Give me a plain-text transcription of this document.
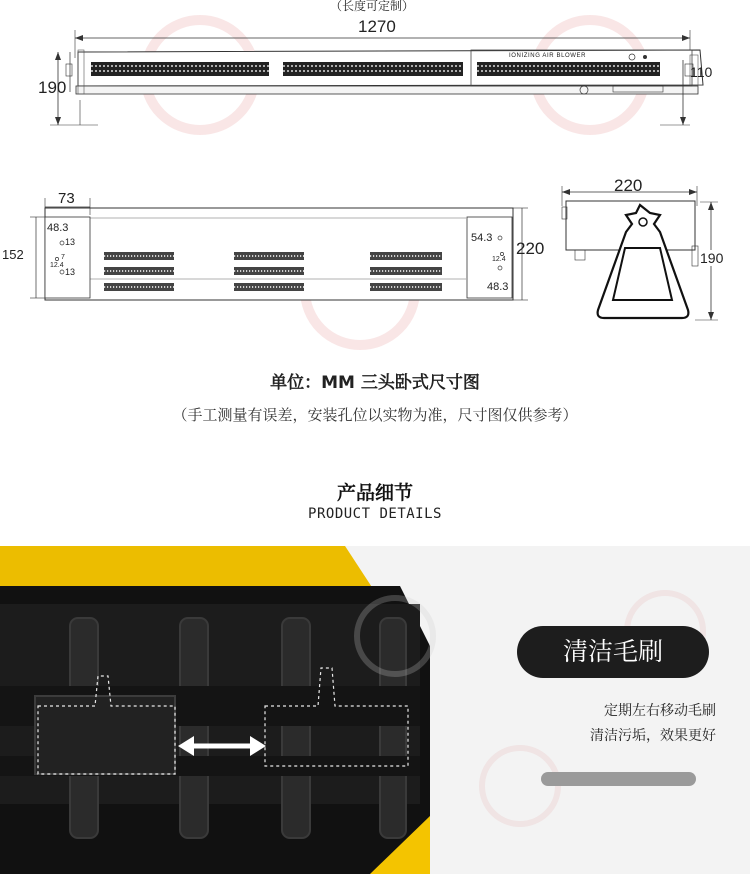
（长度可定制）
1270
190
110
IONIZING AIR BLOWER
73
152	220
48.3
13
7
12.4
13
54.3
12.4
48.3
220
190
单位：MM 三头卧式尺寸图
（手工测量有误差，安装孔位以实物为准，尺寸图仅供参考）
产品细节
PRODUCT DETAILS
清洁毛刷
定期左右移动毛刷
清洁污垢，效果更好
